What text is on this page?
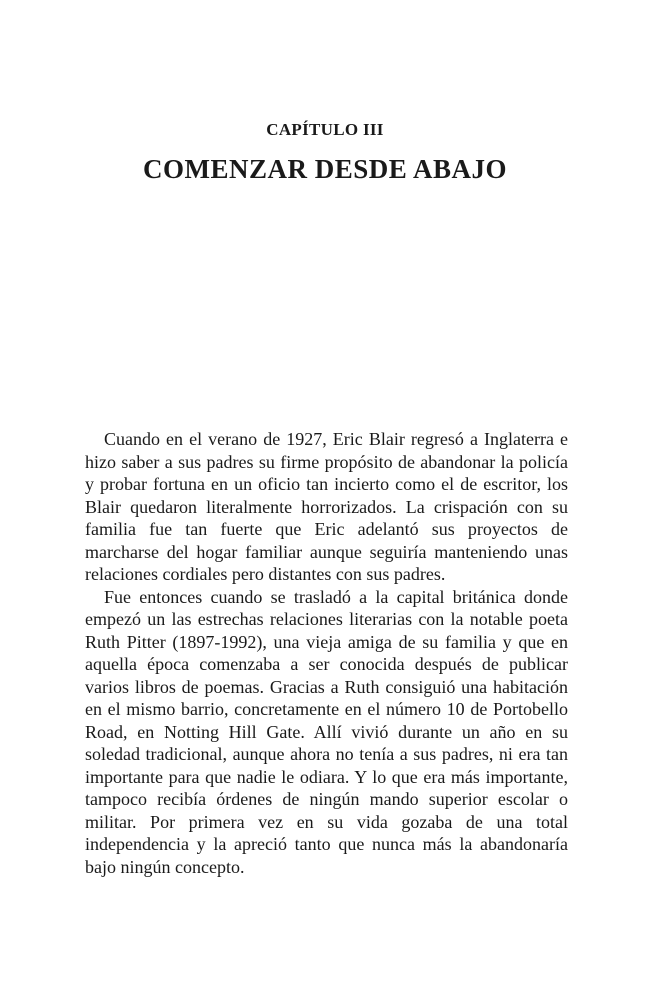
CAPÍTULO III
COMENZAR DESDE ABAJO

Cuando en el verano de 1927, Eric Blair regresó a Inglaterra e hizo saber a sus padres su firme propósito de abandonar la policía y probar fortuna en un oficio tan incierto como el de escritor, los Blair quedaron literalmente horrorizados. La crispación con su familia fue tan fuerte que Eric adelantó sus proyectos de marcharse del hogar familiar aunque seguiría manteniendo unas relaciones cordiales pero distantes con sus padres.

Fue entonces cuando se trasladó a la capital británica donde empezó un las estrechas relaciones literarias con la notable poeta Ruth Pitter (1897-1992), una vieja amiga de su familia y que en aquella época comenzaba a ser conocida después de publicar varios libros de poemas. Gracias a Ruth consiguió una habitación en el mismo barrio, concretamente en el número 10 de Portobello Road, en Notting Hill Gate. Allí vivió durante un año en su soledad tradicional, aunque ahora no tenía a sus padres, ni era tan importante para que nadie le odiara. Y lo que era más importante, tampoco recibía órdenes de ningún mando superior escolar o militar. Por primera vez en su vida gozaba de una total independencia y la apreció tanto que nunca más la abandonaría bajo ningún concepto.
